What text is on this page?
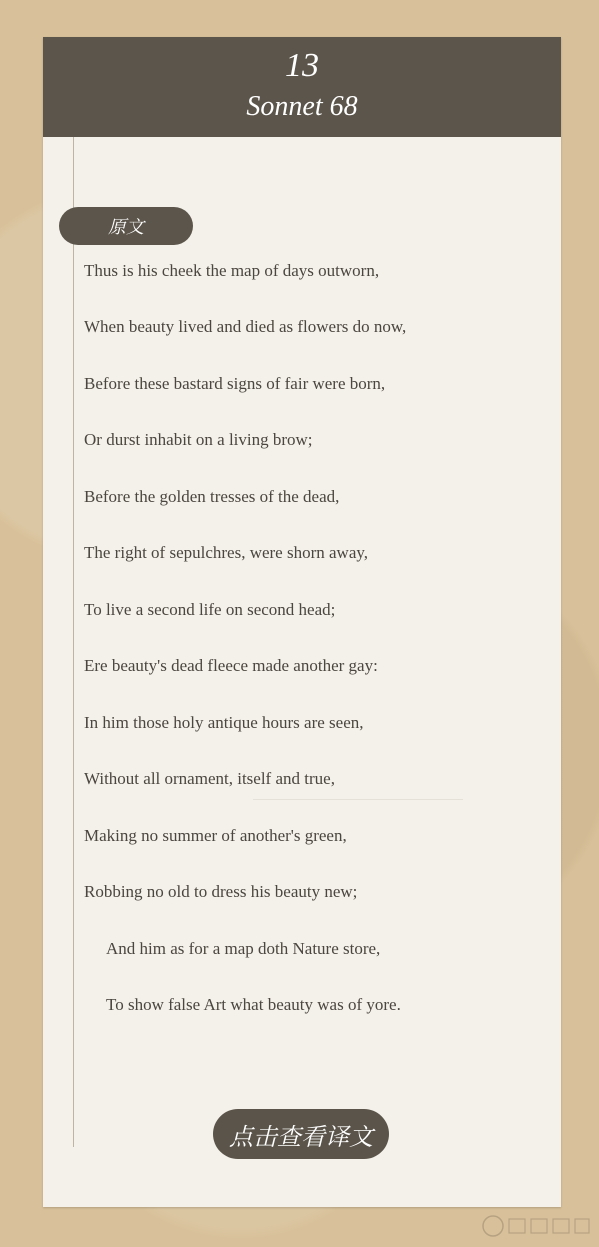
13
Sonnet 68
原文
Thus is his cheek the map of days outworn,
When beauty lived and died as flowers do now,
Before these bastard signs of fair were born,
Or durst inhabit on a living brow;
Before the golden tresses of the dead,
The right of sepulchres, were shorn away,
To live a second life on second head;
Ere beauty's dead fleece made another gay:
In him those holy antique hours are seen,
Without all ornament, itself and true,
Making no summer of another's green,
Robbing no old to dress his beauty new;
And him as for a map doth Nature store,
To show false Art what beauty was of yore.
点击查看译文
